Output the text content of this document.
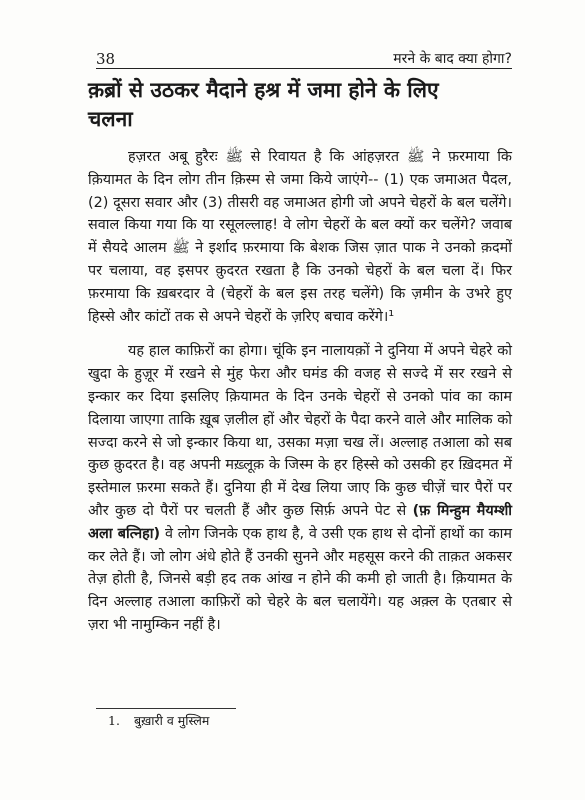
38	मरने के बाद क्या होगा?
क़ब्रों से उठकर मैदाने हश्र में जमा होने के लिए चलना

हज़रत अबू हुरैरः ﷺ से रिवायत है कि आंहज़रत ﷺ ने फ़रमाया कि क़ियामत के दिन लोग तीन क़िस्म से जमा किये जाएंगे-- (1) एक जमाअत पैदल, (2) दूसरा सवार और (3) तीसरी वह जमाअत होगी जो अपने चेहरों के बल चलेंगे। सवाल किया गया कि या रसूलल्लाह! वे लोग चेहरों के बल क्यों कर चलेंगे? जवाब में सैयदे आलम ﷺ ने इर्शाद फ़रमाया कि बेशक जिस ज़ात पाक ने उनको क़दमों पर चलाया, वह इसपर क़ुदरत रखता है कि उनको चेहरों के बल चला दें। फिर फ़रमाया कि ख़बरदार वे (चेहरों के बल इस तरह चलेंगे) कि ज़मीन के उभरे हुए हिस्से और कांटों तक से अपने चेहरों के ज़रिए बचाव करेंगे।¹

यह हाल काफ़िरों का होगा। चूंकि इन नालायक़ों ने दुनिया में अपने चेहरे को खुदा के हुज़ूर में रखने से मुंह फेरा और घमंड की वजह से सज्दे में सर रखने से इन्कार कर दिया इसलिए क़ियामत के दिन उनके चेहरों से उनको पांव का काम दिलाया जाएगा ताकि ख़ूब ज़लील हों और चेहरों के पैदा करने वाले और मालिक को सज्दा करने से जो इन्कार किया था, उसका मज़ा चख लें। अल्लाह तआला को सब कुछ क़ुदरत है। वह अपनी मख़्लूक़ के जिस्म के हर हिस्से को उसकी हर ख़िदमत में इस्तेमाल फ़रमा सकते हैं। दुनिया ही में देख लिया जाए कि कुछ चीज़ें चार पैरों पर और कुछ दो पैरों पर चलती हैं और कुछ सिर्फ़ अपने पेट से (फ़ मिन्हुम मैयम्शी अला बत्निहा) वे लोग जिनके एक हाथ है, वे उसी एक हाथ से दोनों हाथों का काम कर लेते हैं। जो लोग अंधे होते हैं उनकी सुनने और महसूस करने की ताक़त अकसर तेज़ होती है, जिनसे बड़ी हद तक आंख न होने की कमी हो जाती है। क़ियामत के दिन अल्लाह तआला काफ़िरों को चेहरे के बल चलायेंगे। यह अक़्ल के एतबार से ज़रा भी नामुम्किन नहीं है।

1. बुख़ारी व मुस्लिम
